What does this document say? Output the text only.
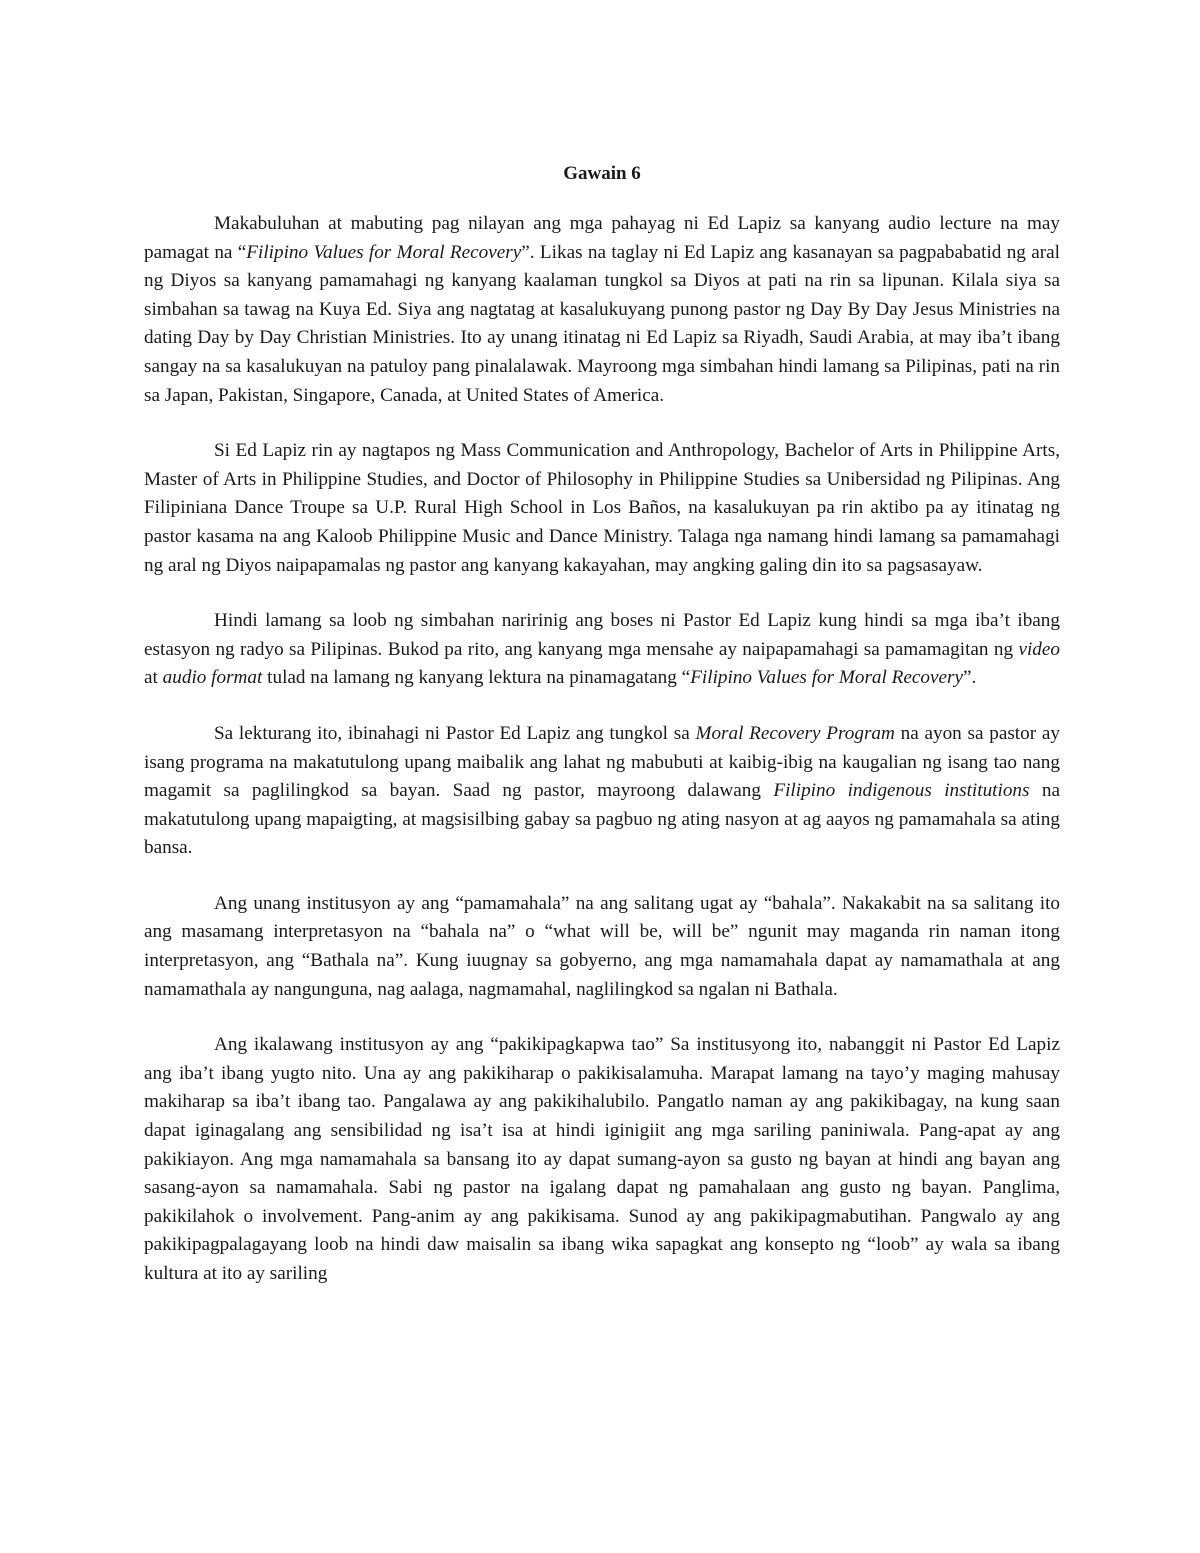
Gawain 6

Makabuluhan at mabuting pag nilayan ang mga pahayag ni Ed Lapiz sa kanyang audio lecture na may pamagat na “Filipino Values for Moral Recovery”. Likas na taglay ni Ed Lapiz ang kasanayan sa pagpababatid ng aral ng Diyos sa kanyang pamamahagi ng kanyang kaalaman tungkol sa Diyos at pati na rin sa lipunan. Kilala siya sa simbahan sa tawag na Kuya Ed. Siya ang nagtatag at kasalukuyang punong pastor ng Day By Day Jesus Ministries na dating Day by Day Christian Ministries. Ito ay unang itinatag ni Ed Lapiz sa Riyadh, Saudi Arabia, at may iba’t ibang sangay na sa kasalukuyan na patuloy pang pinalalawak. Mayroong mga simbahan hindi lamang sa Pilipinas, pati na rin sa Japan, Pakistan, Singapore, Canada, at United States of America.

Si Ed Lapiz rin ay nagtapos ng Mass Communication and Anthropology, Bachelor of Arts in Philippine Arts, Master of Arts in Philippine Studies, and Doctor of Philosophy in Philippine Studies sa Unibersidad ng Pilipinas. Ang Filipiniana Dance Troupe sa U.P. Rural High School in Los Baños, na kasalukuyan pa rin aktibo pa ay itinatag ng pastor kasama na ang Kaloob Philippine Music and Dance Ministry. Talaga nga namang hindi lamang sa pamamahagi ng aral ng Diyos naipapamalas ng pastor ang kanyang kakayahan, may angking galing din ito sa pagsasayaw.

Hindi lamang sa loob ng simbahan naririnig ang boses ni Pastor Ed Lapiz kung hindi sa mga iba’t ibang estasyon ng radyo sa Pilipinas. Bukod pa rito, ang kanyang mga mensahe ay naipapamahagi sa pamamagitan ng video at audio format tulad na lamang ng kanyang lektura na pinamagatang “Filipino Values for Moral Recovery”.

Sa lekturang ito, ibinahagi ni Pastor Ed Lapiz ang tungkol sa Moral Recovery Program na ayon sa pastor ay isang programa na makatutulong upang maibalik ang lahat ng mabubuti at kaibig-ibig na kaugalian ng isang tao nang magamit sa paglilingkod sa bayan. Saad ng pastor, mayroong dalawang Filipino indigenous institutions na makatutulong upang mapaigting, at magsisilbing gabay sa pagbuo ng ating nasyon at ag aayos ng pamamahala sa ating bansa.

Ang unang institusyon ay ang “pamamahala” na ang salitang ugat ay “bahala”. Nakakabit na sa salitang ito ang masamang interpretasyon na “bahala na” o “what will be, will be” ngunit may maganda rin naman itong interpretasyon, ang “Bathala na”. Kung iuugnay sa gobyerno, ang mga namamahala dapat ay namamathala at ang namamathala ay nangunguna, nag aalaga, nagmamahal, naglilingkod sa ngalan ni Bathala.

Ang ikalawang institusyon ay ang “pakikipagkapwa tao” Sa institusyong ito, nabanggit ni Pastor Ed Lapiz ang iba’t ibang yugto nito. Una ay ang pakikiharap o pakikisalamuha. Marapat lamang na tayo’y maging mahusay makiharap sa iba’t ibang tao. Pangalawa ay ang pakikihalubilo. Pangatlo naman ay ang pakikibagay, na kung saan dapat iginagalang ang sensibilidad ng isa’t isa at hindi iginigiit ang mga sariling paniniwala. Pang-apat ay ang pakikiayon. Ang mga namamahala sa bansang ito ay dapat sumang-ayon sa gusto ng bayan at hindi ang bayan ang sasang-ayon sa namamahala. Sabi ng pastor na igalang dapat ng pamahalaan ang gusto ng bayan. Panglima, pakikilahok o involvement. Pang-anim ay ang pakikisama. Sunod ay ang pakikipagmabutihan. Pangwalo ay ang pakikipagpalagayang loob na hindi daw maisalin sa ibang wika sapagkat ang konsepto ng “loob” ay wala sa ibang kultura at ito ay sariling
